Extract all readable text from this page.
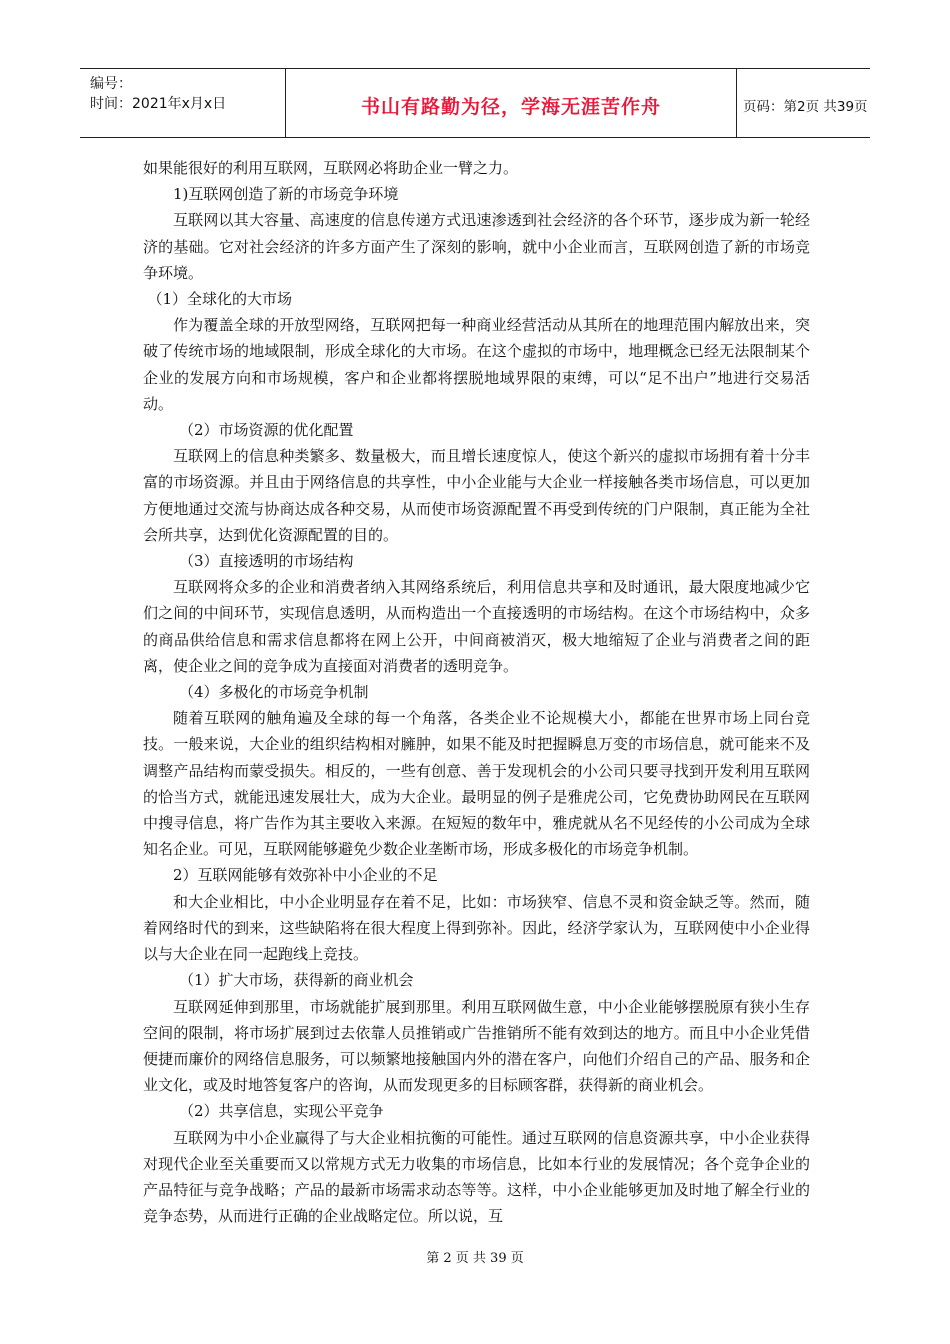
编号：
时间：2021年x月x日	书山有路勤为径，学海无涯苦作舟	页码：第2页 共39页

如果能很好的利用互联网，互联网必将助企业一臂之力。

1)互联网创造了新的市场竞争环境

互联网以其大容量、高速度的信息传递方式迅速渗透到社会经济的各个环节，逐步成为新一轮经济的基础。它对社会经济的许多方面产生了深刻的影响，就中小企业而言，互联网创造了新的市场竞争环境。

（1）全球化的大市场

作为覆盖全球的开放型网络，互联网把每一种商业经营活动从其所在的地理范围内解放出来，突破了传统市场的地域限制，形成全球化的大市场。在这个虚拟的市场中，地理概念已经无法限制某个企业的发展方向和市场规模，客户和企业都将摆脱地域界限的束缚，可以“足不出户”地进行交易活动。

（2）市场资源的优化配置

互联网上的信息种类繁多、数量极大，而且增长速度惊人，使这个新兴的虚拟市场拥有着十分丰富的市场资源。并且由于网络信息的共享性，中小企业能与大企业一样接触各类市场信息，可以更加方便地通过交流与协商达成各种交易，从而使市场资源配置不再受到传统的门户限制，真正能为全社会所共享，达到优化资源配置的目的。

（3）直接透明的市场结构

互联网将众多的企业和消费者纳入其网络系统后，利用信息共享和及时通讯，最大限度地减少它们之间的中间环节，实现信息透明，从而构造出一个直接透明的市场结构。在这个市场结构中，众多的商品供给信息和需求信息都将在网上公开，中间商被消灭，极大地缩短了企业与消费者之间的距离，使企业之间的竞争成为直接面对消费者的透明竞争。

（4）多极化的市场竞争机制

随着互联网的触角遍及全球的每一个角落，各类企业不论规模大小，都能在世界市场上同台竞技。一般来说，大企业的组织结构相对臃肿，如果不能及时把握瞬息万变的市场信息，就可能来不及调整产品结构而蒙受损失。相反的，一些有创意、善于发现机会的小公司只要寻找到开发利用互联网的恰当方式，就能迅速发展壮大，成为大企业。最明显的例子是雅虎公司，它免费协助网民在互联网中搜寻信息，将广告作为其主要收入来源。在短短的数年中，雅虎就从名不见经传的小公司成为全球知名企业。可见，互联网能够避免少数企业垄断市场，形成多极化的市场竞争机制。

2）互联网能够有效弥补中小企业的不足

和大企业相比，中小企业明显存在着不足，比如：市场狭窄、信息不灵和资金缺乏等。然而，随着网络时代的到来，这些缺陷将在很大程度上得到弥补。因此，经济学家认为，互联网使中小企业得以与大企业在同一起跑线上竞技。

（1）扩大市场，获得新的商业机会

互联网延伸到那里，市场就能扩展到那里。利用互联网做生意，中小企业能够摆脱原有狭小生存空间的限制，将市场扩展到过去依靠人员推销或广告推销所不能有效到达的地方。而且中小企业凭借便捷而廉价的网络信息服务，可以频繁地接触国内外的潜在客户，向他们介绍自己的产品、服务和企业文化，或及时地答复客户的咨询，从而发现更多的目标顾客群，获得新的商业机会。

（2）共享信息，实现公平竞争

互联网为中小企业赢得了与大企业相抗衡的可能性。通过互联网的信息资源共享，中小企业获得对现代企业至关重要而又以常规方式无力收集的市场信息，比如本行业的发展情况；各个竞争企业的产品特征与竞争战略；产品的最新市场需求动态等等。这样，中小企业能够更加及时地了解全行业的竞争态势，从而进行正确的企业战略定位。所以说，互

第 2 页 共 39 页
